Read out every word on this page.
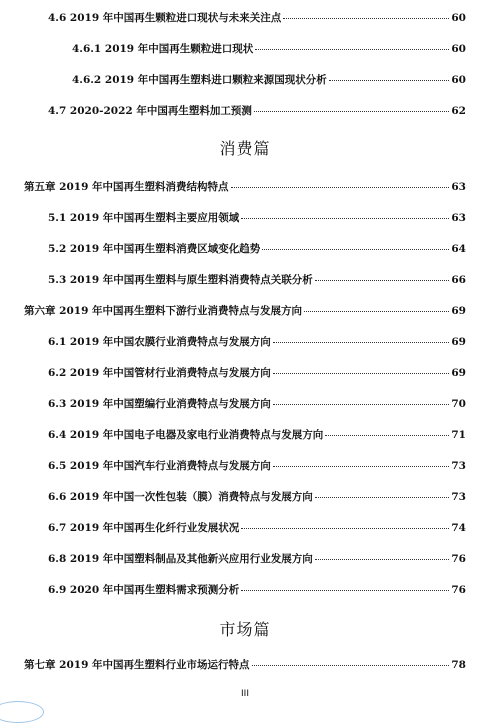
4.6 2019 年中国再生颗粒进口现状与未来关注点	60
4.6.1 2019 年中国再生颗粒进口现状	60
4.6.2 2019 年中国再生塑料进口颗粒来源国现状分析	60
4.7 2020-2022 年中国再生塑料加工预测	62
消费篇
第五章 2019 年中国再生塑料消费结构特点	63
5.1 2019 年中国再生塑料主要应用领域	63
5.2 2019 年中国再生塑料消费区域变化趋势	64
5.3 2019 年中国再生塑料与原生塑料消费特点关联分析	66
第六章 2019 年中国再生塑料下游行业消费特点与发展方向	69
6.1 2019 年中国农膜行业消费特点与发展方向	69
6.2 2019 年中国管材行业消费特点与发展方向	69
6.3 2019 年中国塑编行业消费特点与发展方向	70
6.4 2019 年中国电子电器及家电行业消费特点与发展方向	71
6.5 2019 年中国汽车行业消费特点与发展方向	73
6.6 2019 年中国一次性包装（膜）消费特点与发展方向	73
6.7 2019 年中国再生化纤行业发展状况	74
6.8 2019 年中国塑料制品及其他新兴应用行业发展方向	76
6.9 2020 年中国再生塑料需求预测分析	76
市场篇
第七章 2019 年中国再生塑料行业市场运行特点	78
III
